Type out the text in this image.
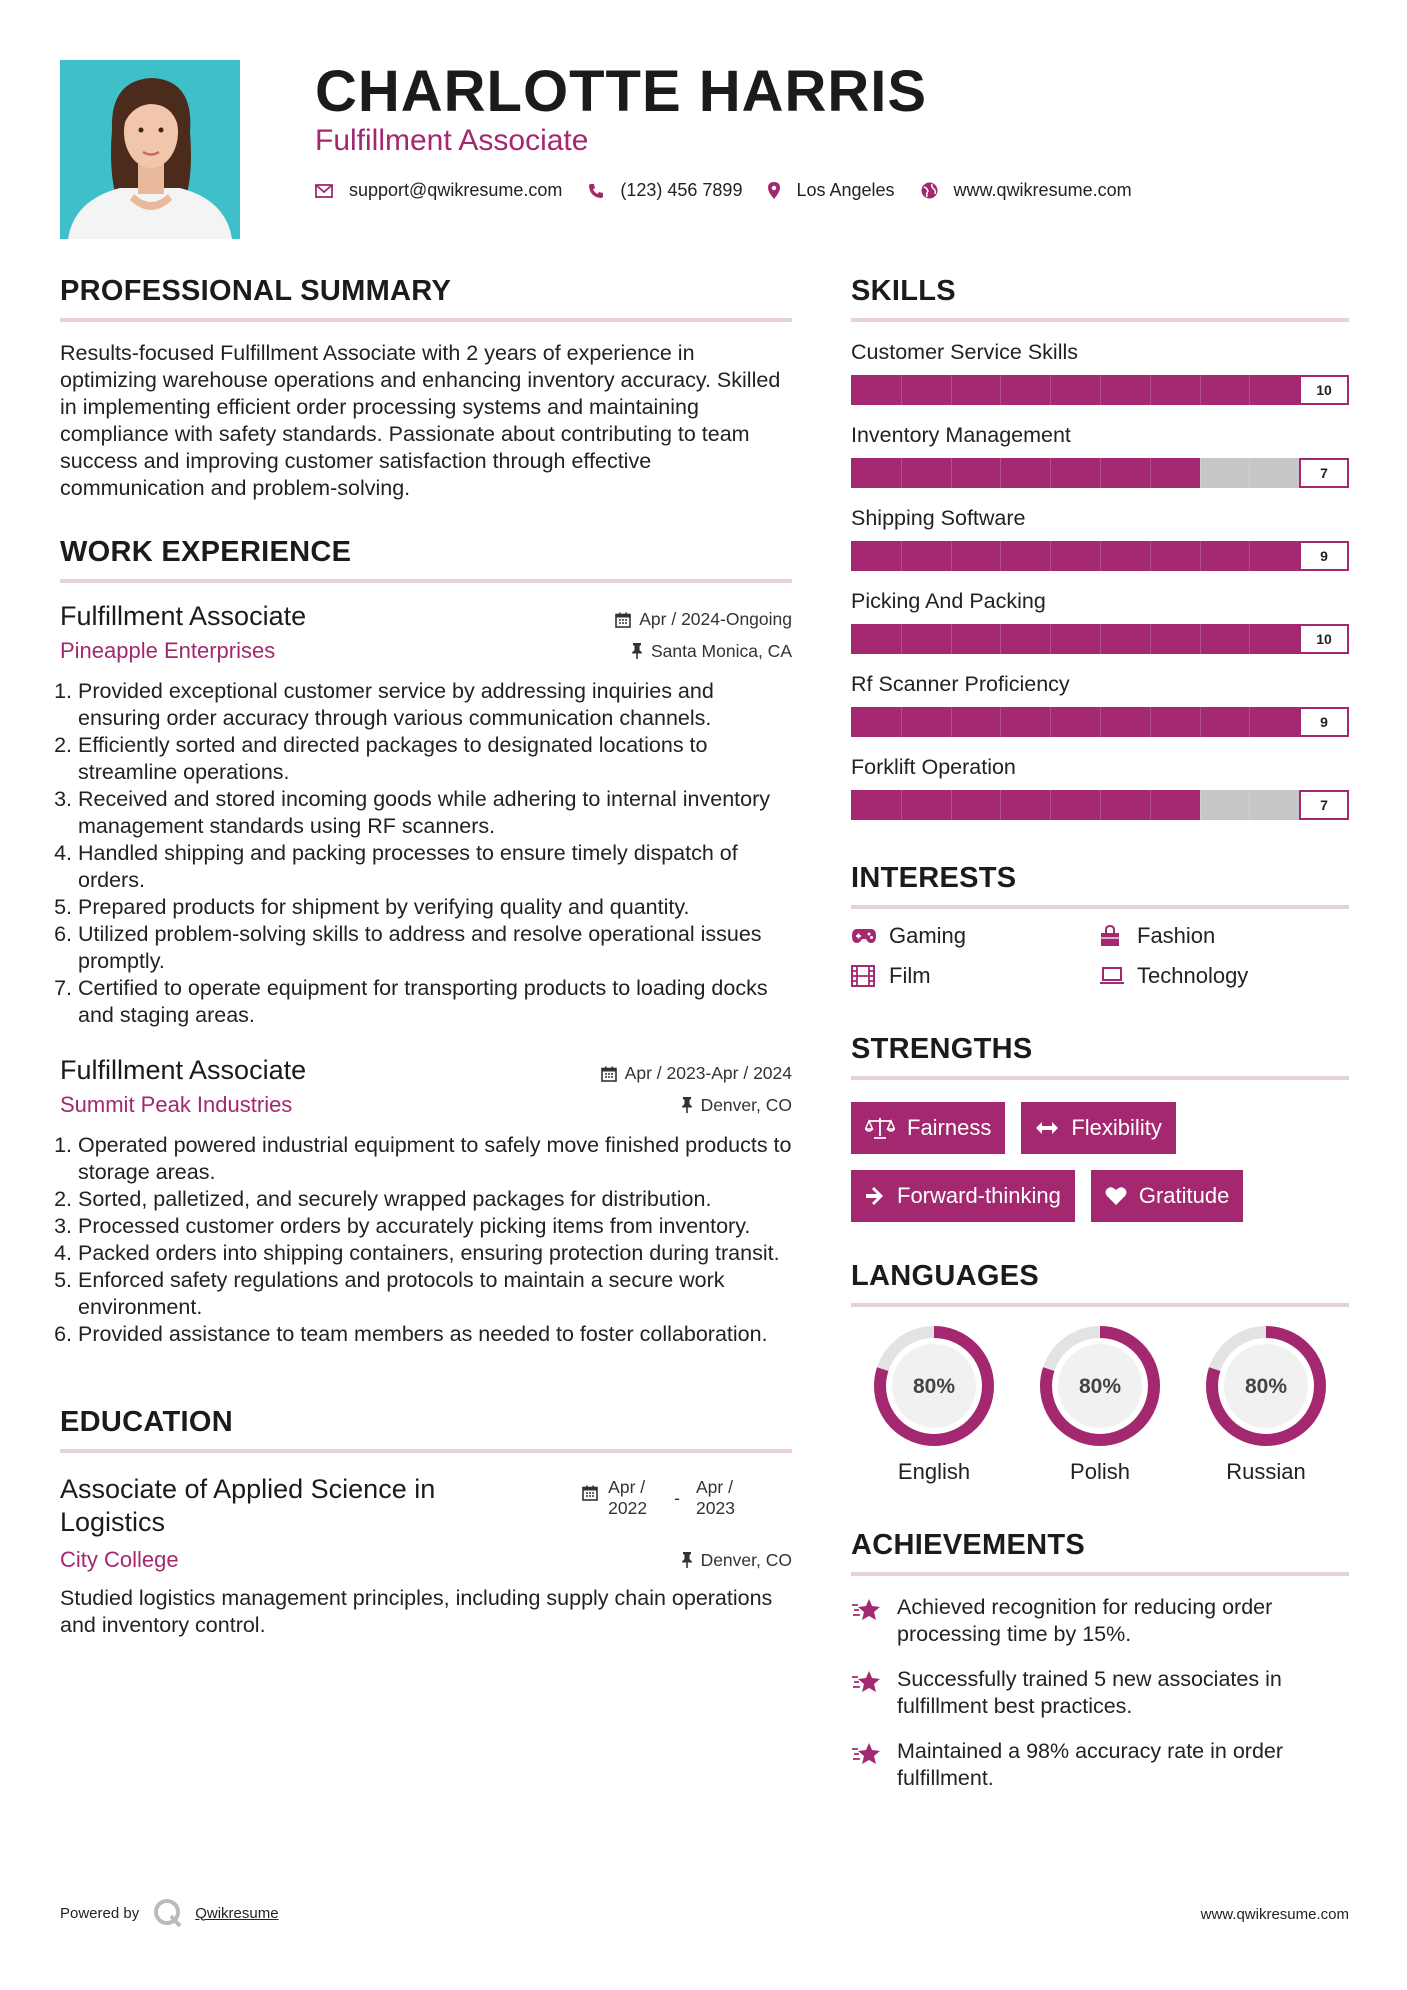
CHARLOTTE HARRIS
Fulfillment Associate
support@qwikresume.com	(123) 456 7899	Los Angeles	www.qwikresume.com
PROFESSIONAL SUMMARY
Results-focused Fulfillment Associate with 2 years of experience in optimizing warehouse operations and enhancing inventory accuracy. Skilled in implementing efficient order processing systems and maintaining compliance with safety standards. Passionate about contributing to team success and improving customer satisfaction through effective communication and problem-solving.
WORK EXPERIENCE
Fulfillment Associate	Apr / 2024-Ongoing
Pineapple Enterprises	Santa Monica, CA
1. Provided exceptional customer service by addressing inquiries and ensuring order accuracy through various communication channels.
2. Efficiently sorted and directed packages to designated locations to streamline operations.
3. Received and stored incoming goods while adhering to internal inventory management standards using RF scanners.
4. Handled shipping and packing processes to ensure timely dispatch of orders.
5. Prepared products for shipment by verifying quality and quantity.
6. Utilized problem-solving skills to address and resolve operational issues promptly.
7. Certified to operate equipment for transporting products to loading docks and staging areas.
Fulfillment Associate	Apr / 2023-Apr / 2024
Summit Peak Industries	Denver, CO
1. Operated powered industrial equipment to safely move finished products to storage areas.
2. Sorted, palletized, and securely wrapped packages for distribution.
3. Processed customer orders by accurately picking items from inventory.
4. Packed orders into shipping containers, ensuring protection during transit.
5. Enforced safety regulations and protocols to maintain a secure work environment.
6. Provided assistance to team members as needed to foster collaboration.
EDUCATION
Associate of Applied Science in Logistics
Apr / 2022	-
Apr / 2023
City College	Denver, CO
Studied logistics management principles, including supply chain operations and inventory control.
SKILLS
Customer Service Skills
10
Inventory Management
7
Shipping Software
9
Picking And Packing
10
Rf Scanner Proficiency
9
Forklift Operation
7
INTERESTS
Gaming	Fashion
Film	Technology
STRENGTHS
Fairness	Flexibility
Forward-thinking	Gratitude
LANGUAGES
80%
English
80%
Polish
80%
Russian
ACHIEVEMENTS
Achieved recognition for reducing order processing time by 15%.
Successfully trained 5 new associates in fulfillment best practices.
Maintained a 98% accuracy rate in order fulfillment.
Powered by	Qwikresume	www.qwikresume.com
